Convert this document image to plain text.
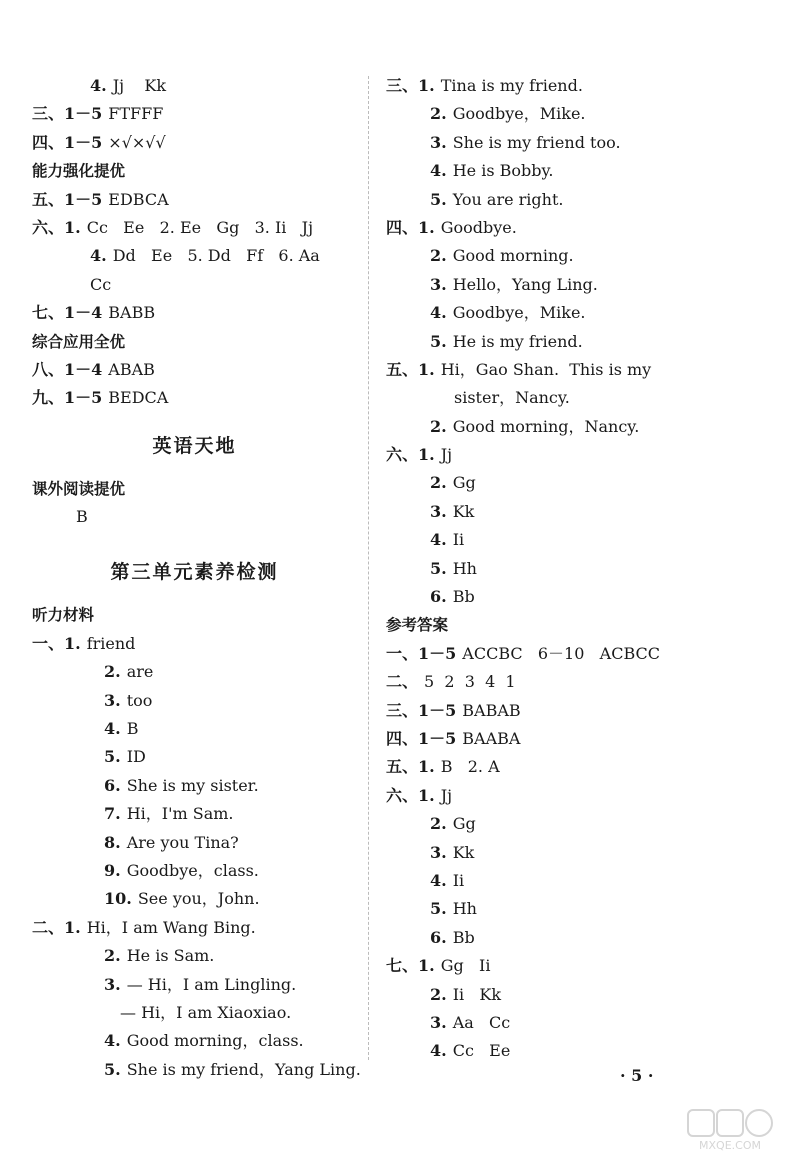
4. Jj    Kk
三、1－5 FTFFF
四、1－5 ×√×√√
能力强化提优
五、1－5 EDBCA
六、1. Cc   Ee   2. Ee   Gg   3. Ii   Jj
4. Dd   Ee   5. Dd   Ff   6. Aa
Cc
七、1－4 BABB
综合应用全优
八、1－4 ABAB
九、1－5 BEDCA
英语天地
课外阅读提优
B
第三单元素养检测
听力材料
一、1. friend
2. are
3. too
4. B
5. ID
6. She is my sister.
7. Hi，I'm Sam.
8. Are you Tina?
9. Goodbye，class.
10. See you，John.
二、1. Hi，I am Wang Bing.
2. He is Sam.
3. — Hi，I am Lingling.
— Hi，I am Xiaoxiao.
4. Good morning，class.
5. She is my friend，Yang Ling.
三、1. Tina is my friend.
2. Goodbye，Mike.
3. She is my friend too.
4. He is Bobby.
5. You are right.
四、1. Goodbye.
2. Good morning.
3. Hello，Yang Ling.
4. Goodbye，Mike.
5. He is my friend.
五、1. Hi，Gao Shan.  This is my
sister，Nancy.
2. Good morning，Nancy.
六、1. Jj
2. Gg
3. Kk
4. Ii
5. Hh
6. Bb
参考答案
一、1－5 ACCBC   6－10   ACBCC
二、 5  2  3  4  1
三、1－5 BABAB
四、1－5 BAABA
五、1. B   2. A
六、1. Jj
2. Gg
3. Kk
4. Ii
5. Hh
6. Bb
七、1. Gg   Ii
2. Ii   Kk
3. Aa   Cc
4. Cc   Ee
· 5 ·
MXQE.COM
